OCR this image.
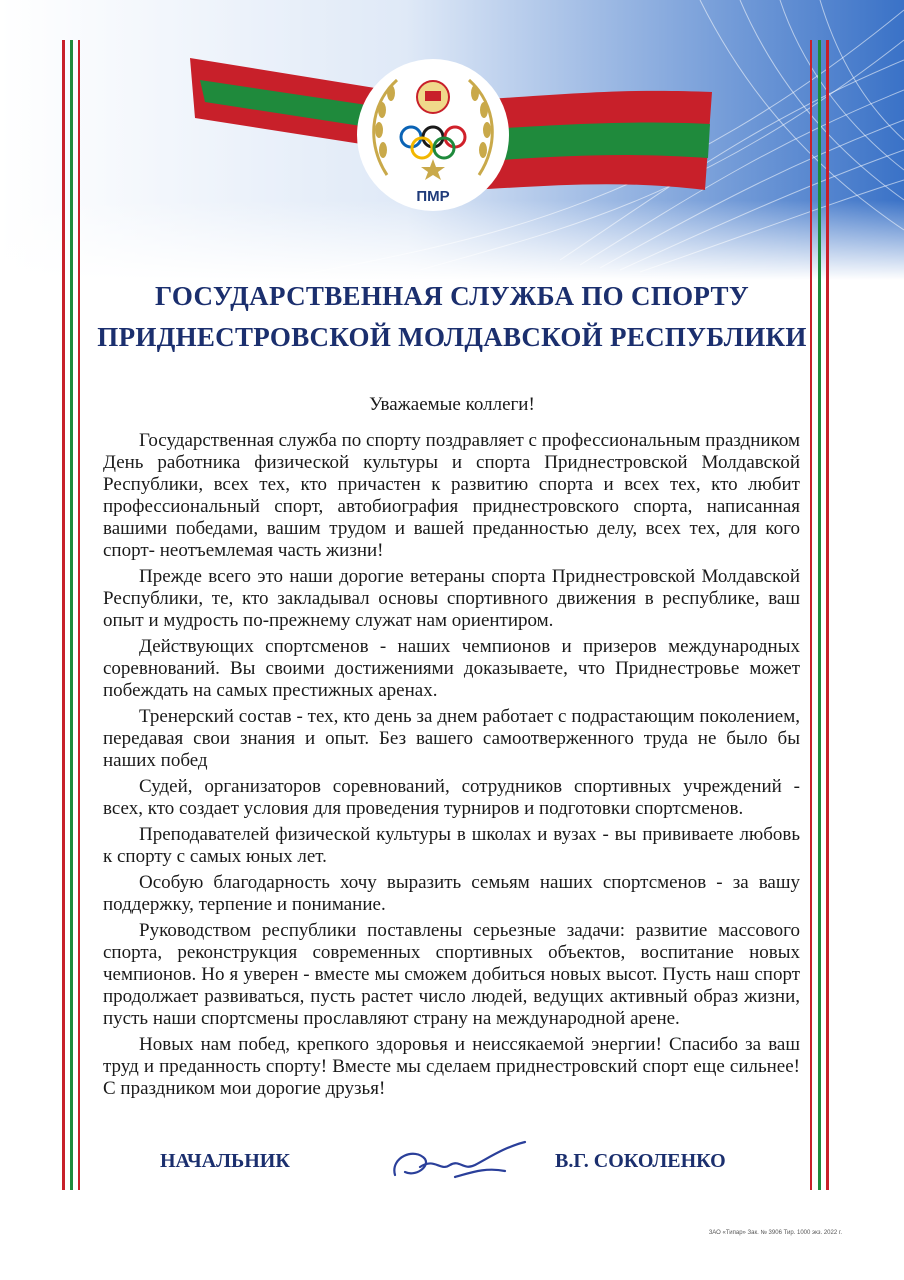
ПМР
ГОСУДАРСТВЕННАЯ СЛУЖБА ПО СПОРТУ
ПРИДНЕСТРОВСКОЙ МОЛДАВСКОЙ РЕСПУБЛИКИ
Уважаемые коллеги!

Государственная служба по спорту поздравляет с профессиональным праздником День работника физической культуры и спорта Приднестровской Молдавской Республики, всех тех, кто причастен к развитию спорта и всех тех, кто любит профессиональный спорт, автобиография приднестровского спорта, написанная вашими победами, вашим трудом и вашей преданностью делу, всех тех, для кого спорт- неотъемлемая часть жизни!

Прежде всего это наши дорогие ветераны спорта Приднестровской Молдавской Республики, те, кто закладывал основы спортивного движения в республике, ваш опыт и мудрость по-прежнему служат нам ориентиром.

Действующих спортсменов - наших чемпионов и призеров международных соревнований. Вы своими достижениями доказываете, что Приднестровье может побеждать на самых престижных аренах.

Тренерский состав - тех, кто день за днем работает с подрастающим поколением, передавая свои знания и опыт. Без вашего самоотверженного труда не было бы наших побед

Судей, организаторов соревнований, сотрудников спортивных учреждений - всех, кто создает условия для проведения турниров и подготовки спортсменов.

Преподавателей физической культуры в школах и вузах - вы прививаете любовь к спорту с самых юных лет.

Особую благодарность хочу выразить семьям наших спортсменов - за вашу поддержку, терпение и понимание.

Руководством республики поставлены серьезные задачи: развитие массового спорта, реконструкция современных спортивных объектов, воспитание новых чемпионов. Но я уверен - вместе мы сможем добиться новых высот. Пусть наш спорт продолжает развиваться, пусть растет число людей, ведущих активный образ жизни, пусть наши спортсмены прославляют страну на международной арене.

Новых нам побед, крепкого здоровья и неиссякаемой энергии! Спасибо за ваш труд и преданность спорту! Вместе мы сделаем приднестровский спорт еще сильнее! С праздником мои дорогие друзья!

НАЧАЛЬНИК	В.Г. СОКОЛЕНКО
ЗАО «Типар» Зак. № 3906 Тир. 1000 экз. 2022 г.
